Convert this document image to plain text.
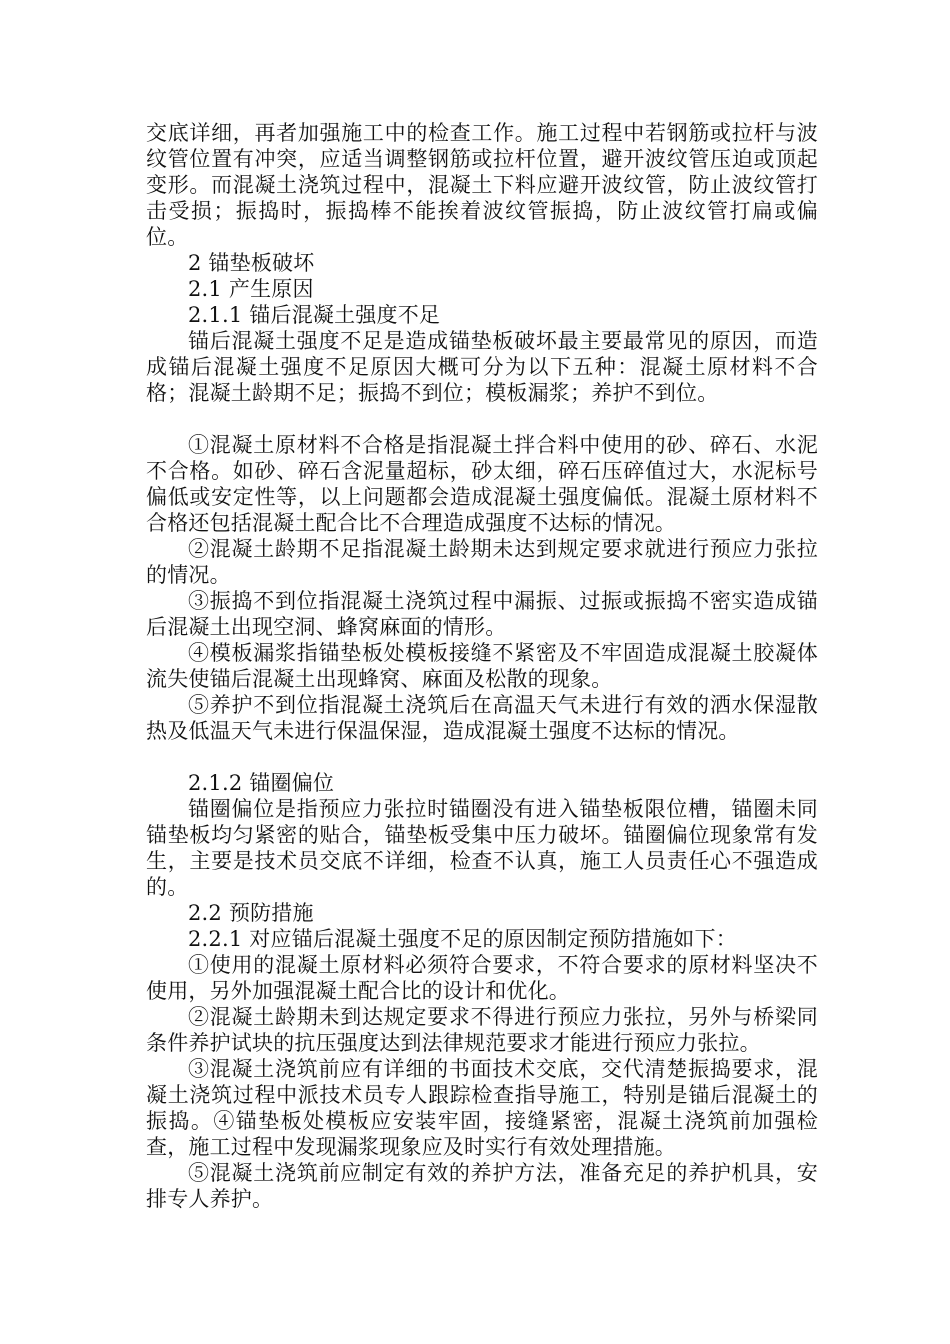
交底详细，再者加强施工中的检查工作。施工过程中若钢筋或拉杆与波纹管位置有冲突，应适当调整钢筋或拉杆位置，避开波纹管压迫或顶起变形。而混凝土浇筑过程中，混凝土下料应避开波纹管，防止波纹管打击受损；振捣时，振捣棒不能挨着波纹管振捣，防止波纹管打扁或偏位。

2 锚垫板破坏

2.1 产生原因

2.1.1 锚后混凝土强度不足

锚后混凝土强度不足是造成锚垫板破坏最主要最常见的原因，而造成锚后混凝土强度不足原因大概可分为以下五种：混凝土原材料不合格；混凝土龄期不足；振捣不到位；模板漏浆；养护不到位。

①混凝土原材料不合格是指混凝土拌合料中使用的砂、碎石、水泥不合格。如砂、碎石含泥量超标，砂太细，碎石压碎值过大，水泥标号偏低或安定性等，以上问题都会造成混凝土强度偏低。混凝土原材料不合格还包括混凝土配合比不合理造成强度不达标的情况。

②混凝土龄期不足指混凝土龄期未达到规定要求就进行预应力张拉的情况。

③振捣不到位指混凝土浇筑过程中漏振、过振或振捣不密实造成锚后混凝土出现空洞、蜂窝麻面的情形。

④模板漏浆指锚垫板处模板接缝不紧密及不牢固造成混凝土胶凝体流失使锚后混凝土出现蜂窝、麻面及松散的现象。

⑤养护不到位指混凝土浇筑后在高温天气未进行有效的洒水保湿散热及低温天气未进行保温保湿，造成混凝土强度不达标的情况。

2.1.2 锚圈偏位

锚圈偏位是指预应力张拉时锚圈没有进入锚垫板限位槽，锚圈未同锚垫板均匀紧密的贴合，锚垫板受集中压力破坏。锚圈偏位现象常有发生，主要是技术员交底不详细，检查不认真，施工人员责任心不强造成的。

2.2 预防措施

2.2.1 对应锚后混凝土强度不足的原因制定预防措施如下：

①使用的混凝土原材料必须符合要求，不符合要求的原材料坚决不使用，另外加强混凝土配合比的设计和优化。

②混凝土龄期未到达规定要求不得进行预应力张拉，另外与桥梁同条件养护试块的抗压强度达到法律规范要求才能进行预应力张拉。

③混凝土浇筑前应有详细的书面技术交底，交代清楚振捣要求，混凝土浇筑过程中派技术员专人跟踪检查指导施工，特别是锚后混凝土的振捣。④锚垫板处模板应安装牢固，接缝紧密，混凝土浇筑前加强检查，施工过程中发现漏浆现象应及时实行有效处理措施。

⑤混凝土浇筑前应制定有效的养护方法，准备充足的养护机具，安排专人养护。
